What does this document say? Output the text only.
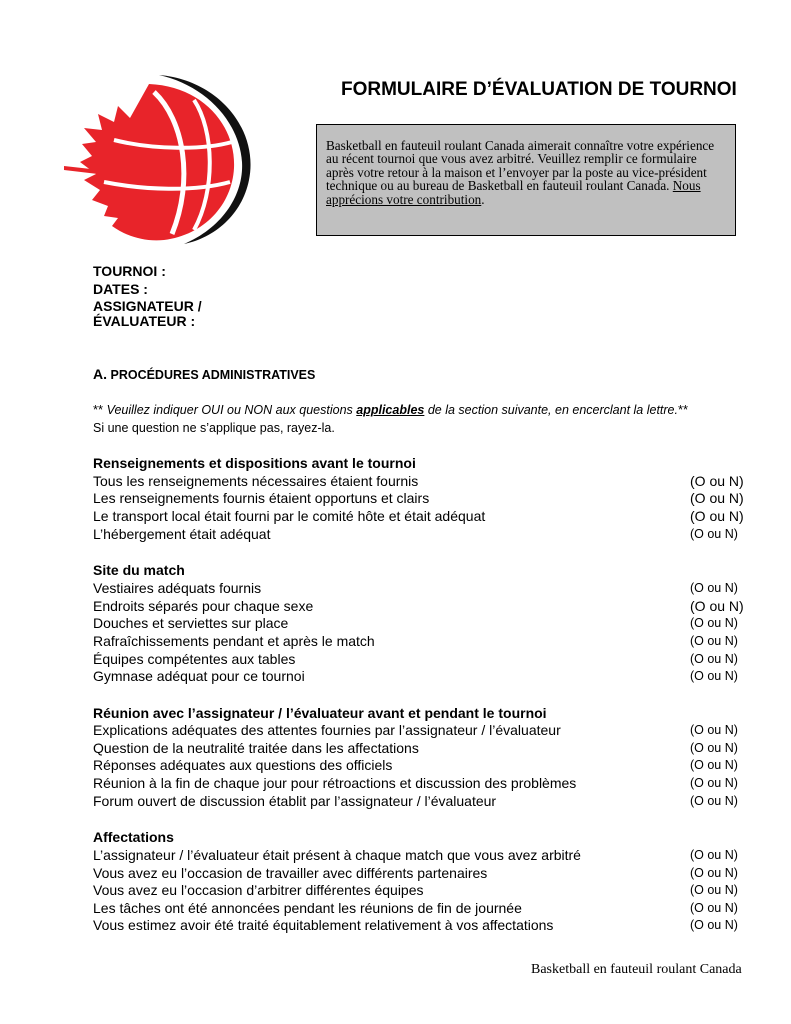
FORMULAIRE D’ÉVALUATION DE TOURNOI
Basketball en fauteuil roulant Canada aimerait connaître votre expérience au récent tournoi que vous avez arbitré. Veuillez remplir ce formulaire après votre retour à la maison et l’envoyer par la poste au vice-président technique ou au bureau de Basketball en fauteuil roulant Canada. Nous apprécions votre contribution.
TOURNOI :
DATES :
ASSIGNATEUR /
ÉVALUATEUR :
A. PROCÉDURES ADMINISTRATIVES
** Veuillez indiquer OUI ou NON aux questions applicables de la section suivante, en encerclant la lettre.**
Si une question ne s’applique pas, rayez-la.
Renseignements et dispositions avant le tournoi
Tous les renseignements nécessaires étaient fournis	(O ou N)
Les renseignements fournis étaient opportuns et clairs	(O ou N)
Le transport local était fourni par le comité hôte et était adéquat	(O ou N)
L’hébergement était adéquat	(O ou N)
Site du match
Vestiaires adéquats fournis	(O ou N)
Endroits séparés pour chaque sexe	(O ou N)
Douches et serviettes sur place	(O ou N)
Rafraîchissements pendant et après le match	(O ou N)
Équipes compétentes aux tables	(O ou N)
Gymnase adéquat pour ce tournoi	(O ou N)
Réunion avec l’assignateur / l’évaluateur avant et pendant le tournoi
Explications adéquates des attentes fournies par l’assignateur / l’évaluateur	(O ou N)
Question de la neutralité traitée dans les affectations	(O ou N)
Réponses adéquates aux questions des officiels	(O ou N)
Réunion à la fin de chaque jour pour rétroactions et discussion des problèmes	(O ou N)
Forum ouvert de discussion établit par l’assignateur / l’évaluateur	(O ou N)
Affectations
L’assignateur / l’évaluateur était présent à chaque match que vous avez arbitré	(O ou N)
Vous avez eu l’occasion de travailler avec différents partenaires	(O ou N)
Vous avez eu l’occasion d’arbitrer différentes équipes	(O ou N)
Les tâches ont été annoncées pendant les réunions de fin de journée	(O ou N)
Vous estimez avoir été traité équitablement relativement à vos affectations	(O ou N)
Basketball en fauteuil roulant Canada
